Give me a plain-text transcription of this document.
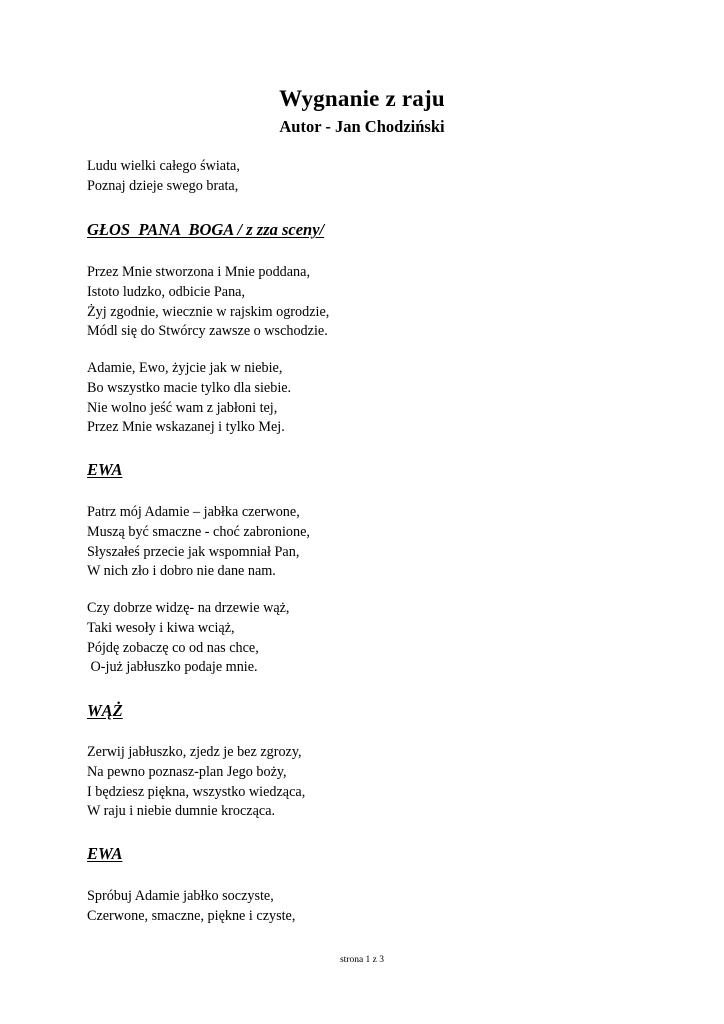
Wygnanie z raju
Autor - Jan Chodziński
Ludu wielki całego świata,
Poznaj dzieje swego brata,
GŁOS  PANA  BOGA / z zza sceny/
Przez Mnie stworzona i Mnie poddana,
Istoto ludzko, odbicie Pana,
Żyj zgodnie, wiecznie w rajskim ogrodzie,
Módl się do Stwórcy zawsze o wschodzie.
Adamie, Ewo, żyjcie jak w niebie,
Bo wszystko macie tylko dla siebie.
Nie wolno jeść wam z jabłoni tej,
Przez Mnie wskazanej i tylko Mej.
EWA
Patrz mój Adamie – jabłka czerwone,
Muszą być smaczne - choć zabronione,
Słyszałeś przecie jak wspomniał Pan,
W nich zło i dobro nie dane nam.
Czy dobrze widzę- na drzewie wąż,
Taki wesoły i kiwa wciąż,
Pójdę zobaczę co od nas chce,
O-już jabłuszko podaje mnie.
WĄŻ
Zerwij jabłuszko, zjedz je bez zgrozy,
Na pewno poznasz-plan Jego boży,
I będziesz piękna, wszystko wiedząca,
W raju i niebie dumnie krocząca.
EWA
Spróbuj Adamie jabłko soczyste,
Czerwone, smaczne, piękne i czyste,
strona 1 z 3
